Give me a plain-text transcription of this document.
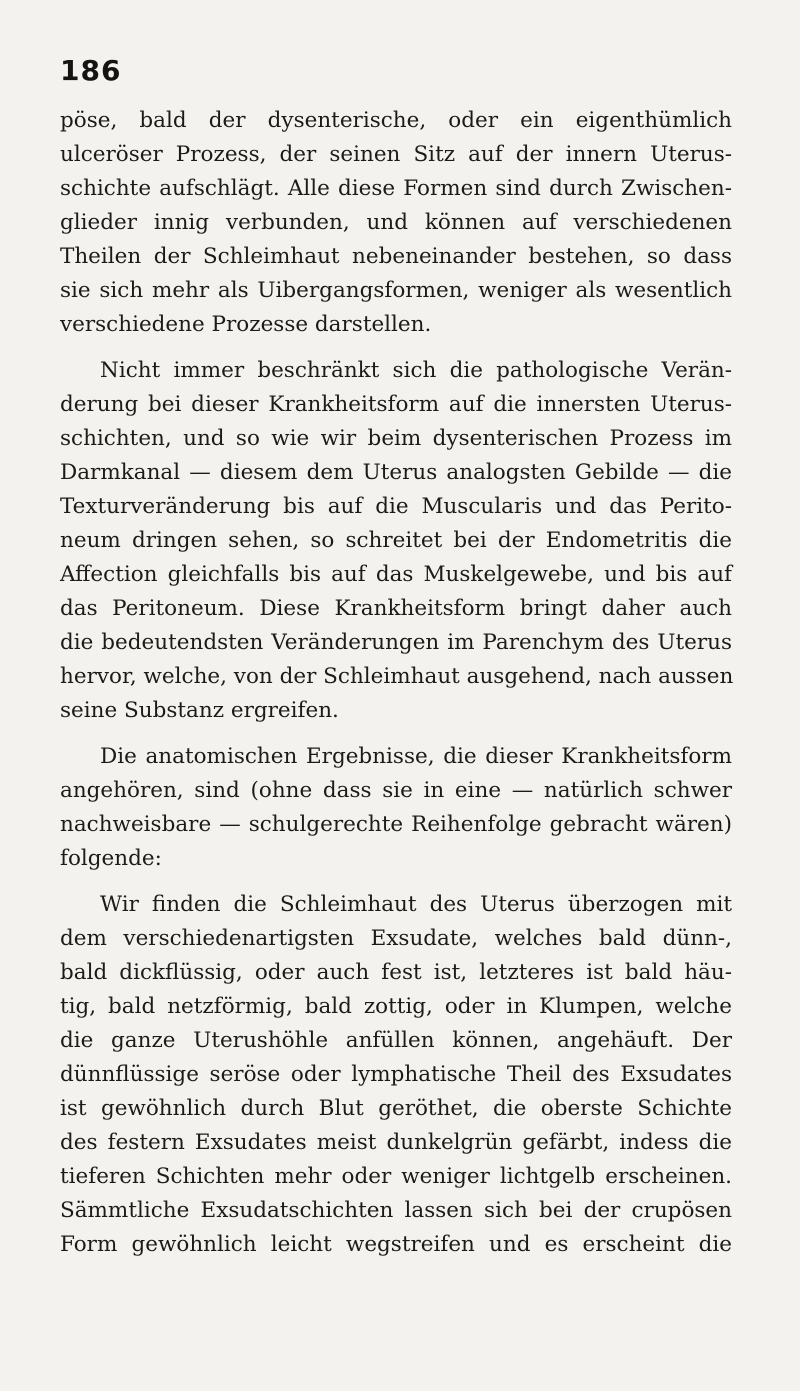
186
pöse, bald der dysenterische, oder ein eigenthümlich
ulceröser Prozess, der seinen Sitz auf der innern Uterus-
schichte aufschlägt. Alle diese Formen sind durch Zwischen-
glieder innig verbunden, und können auf verschiedenen
Theilen der Schleimhaut nebeneinander bestehen, so dass
sie sich mehr als Uibergangsformen, weniger als wesentlich
verschiedene Prozesse darstellen.
Nicht immer beschränkt sich die pathologische Verän-
derung bei dieser Krankheitsform auf die innersten Uterus-
schichten, und so wie wir beim dysenterischen Prozess im
Darmkanal — diesem dem Uterus analogsten Gebilde — die
Texturveränderung bis auf die Muscularis und das Perito-
neum dringen sehen, so schreitet bei der Endometritis die
Affection gleichfalls bis auf das Muskelgewebe, und bis auf
das Peritoneum. Diese Krankheitsform bringt daher auch
die bedeutendsten Veränderungen im Parenchym des Uterus
hervor, welche, von der Schleimhaut ausgehend, nach aussen
seine Substanz ergreifen.
Die anatomischen Ergebnisse, die dieser Krankheitsform
angehören, sind (ohne dass sie in eine — natürlich schwer
nachweisbare — schulgerechte Reihenfolge gebracht wären)
folgende:
Wir finden die Schleimhaut des Uterus überzogen mit
dem verschiedenartigsten Exsudate, welches bald dünn-,
bald dickflüssig, oder auch fest ist, letzteres ist bald häu-
tig, bald netzförmig, bald zottig, oder in Klumpen, welche
die ganze Uterushöhle anfüllen können, angehäuft. Der
dünnflüssige seröse oder lymphatische Theil des Exsudates
ist gewöhnlich durch Blut geröthet, die oberste Schichte
des festern Exsudates meist dunkelgrün gefärbt, indess die
tieferen Schichten mehr oder weniger lichtgelb erscheinen.
Sämmtliche Exsudatschichten lassen sich bei der crupösen
Form gewöhnlich leicht wegstreifen und es erscheint die
